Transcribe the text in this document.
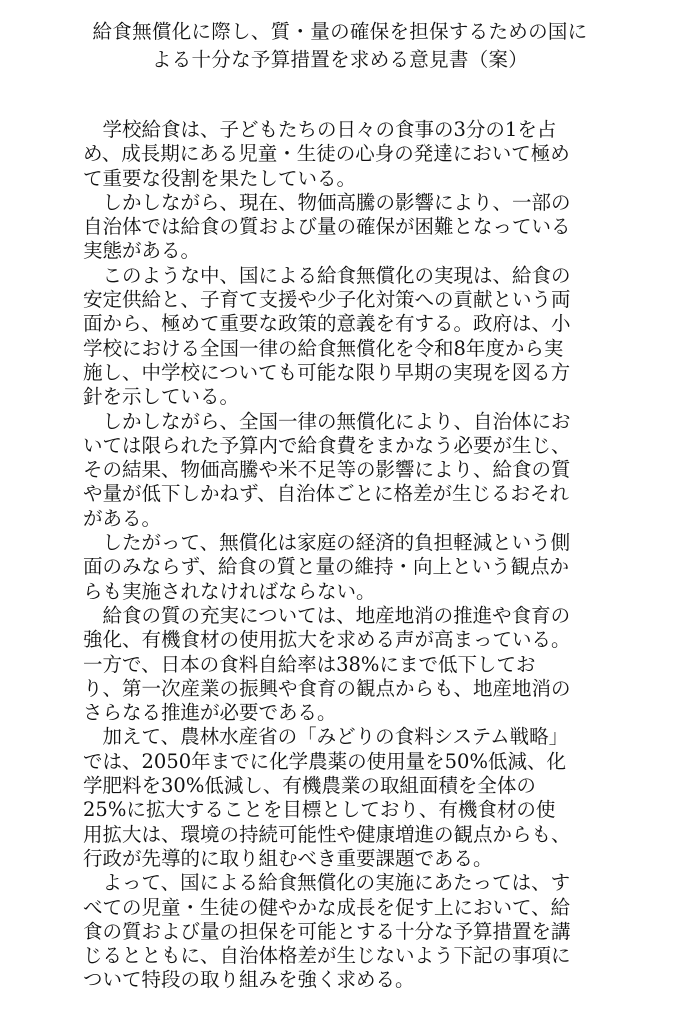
給食無償化に際し、質・量の確保を担保するための国に
よる十分な予算措置を求める意見書（案）
　学校給食は、子どもたちの日々の食事の3分の1を占
め、成長期にある児童・生徒の心身の発達において極め
て重要な役割を果たしている。
　しかしながら、現在、物価高騰の影響により、一部の
自治体では給食の質および量の確保が困難となっている
実態がある。
　このような中、国による給食無償化の実現は、給食の
安定供給と、子育て支援や少子化対策への貢献という両
面から、極めて重要な政策的意義を有する。政府は、小
学校における全国一律の給食無償化を令和8年度から実
施し、中学校についても可能な限り早期の実現を図る方
針を示している。
　しかしながら、全国一律の無償化により、自治体にお
いては限られた予算内で給食費をまかなう必要が生じ、
その結果、物価高騰や米不足等の影響により、給食の質
や量が低下しかねず、自治体ごとに格差が生じるおそれ
がある。
　したがって、無償化は家庭の経済的負担軽減という側
面のみならず、給食の質と量の維持・向上という観点か
らも実施されなければならない。
　給食の質の充実については、地産地消の推進や食育の
強化、有機食材の使用拡大を求める声が高まっている。
一方で、日本の食料自給率は38%にまで低下してお
り、第一次産業の振興や食育の観点からも、地産地消の
さらなる推進が必要である。
　加えて、農林水産省の「みどりの食料システム戦略」
では、2050年までに化学農薬の使用量を50%低減、化
学肥料を30%低減し、有機農業の取組面積を全体の
25%に拡大することを目標としており、有機食材の使
用拡大は、環境の持続可能性や健康増進の観点からも、
行政が先導的に取り組むべき重要課題である。
　よって、国による給食無償化の実施にあたっては、す
べての児童・生徒の健やかな成長を促す上において、給
食の質および量の担保を可能とする十分な予算措置を講
じるとともに、自治体格差が生じないよう下記の事項に
ついて特段の取り組みを強く求める。
